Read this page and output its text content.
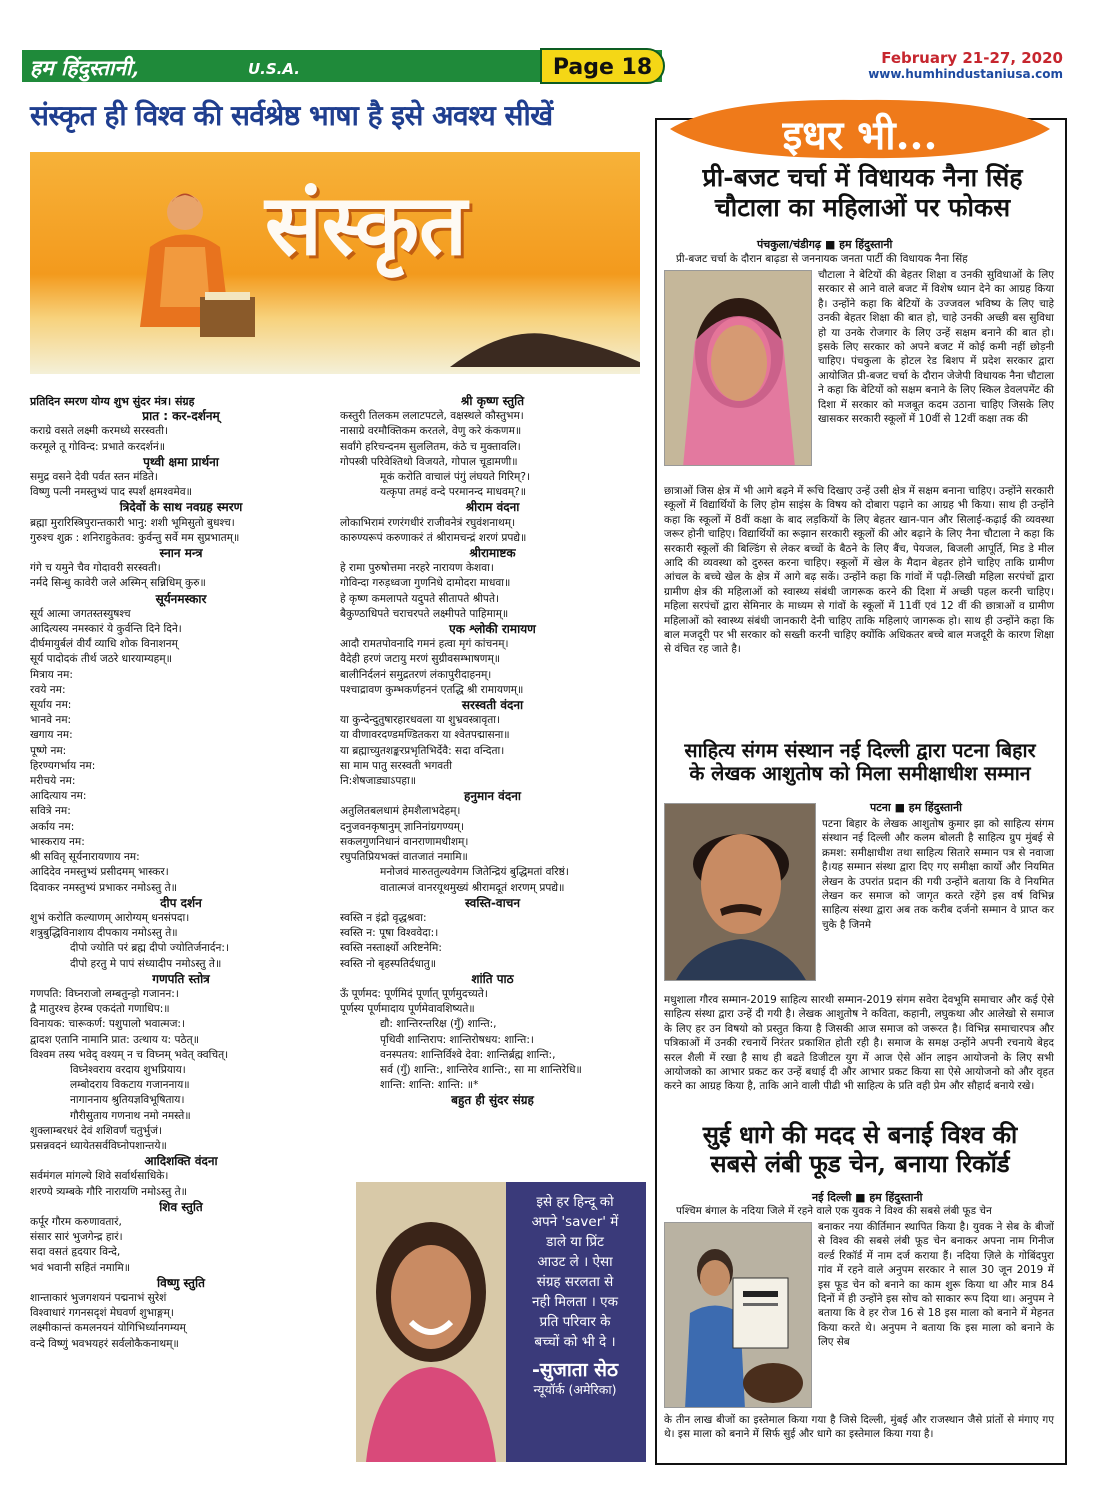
हम हिंदुस्तानी,	U.S.A.	Page 18	February 21-27, 2020
www.humhindustaniusa.com
संस्कृत ही विश्व की सर्वश्रेष्ठ भाषा है इसे अवश्य सीखें
संस्कृत
प्रतिदिन स्मरण योग्य शुभ सुंदर मंत्र। संग्रह
प्रात : कर-दर्शनम्
कराग्रे वसते लक्ष्मी करमध्ये सरस्वती।
करमूले तू गोविन्द: प्रभाते करदर्शनं॥
पृथ्वी क्षमा प्रार्थना
समुद्र वसने देवी पर्वत स्तन मंडिते।
विष्णु पत्नी नमस्तुभ्यं पाद स्पर्शं क्षमश्वमेव॥
त्रिदेवों के साथ नवग्रह स्मरण
ब्रह्मा मुरारिस्त्रिपुरान्तकारी भानु: शशी भूमिसुतो बुधश्च।
गुरुश्च शुक्र : शनिराहुकेतव: कुर्वन्तु सर्वे मम सुप्रभातम्॥
स्नान मन्त्र
गंगे च यमुने चैव गोदावरी सरस्वती।
नर्मदे सिन्धु कावेरी जले अस्मिन् सन्निधिम् कुरु॥
सूर्यनमस्कार
सूर्य आत्मा जगतस्तस्युषश्च
आदित्यस्य नमस्कारं ये कुर्वन्ति दिने दिने।
दीर्घमायुर्बलं वीर्यं व्याधि शोक विनाशनम्
सूर्य पादोदकं तीर्थ जठरे धारयाम्यहम्॥
मित्राय नम:
रवये नम:
सूर्याय नम:
भानवे नम:
खगाय नम:
पूष्णे नम:
हिरण्यगर्भाय नम:
मरीचये नम:
आदित्याय नम:
सवित्रे नम:
अर्काय नम:
भास्कराय नम:
श्री सवितृ सूर्यनारायणाय नम:
आदिदेव नमस्तुभ्यं प्रसीदमम् भास्कर।
दिवाकर नमस्तुभ्यं प्रभाकर नमोऽस्तु ते॥
दीप दर्शन
शुभं करोति कल्याणम् आरोग्यम् धनसंपदा।
शत्रुबुद्धिविनाशाय दीपकाय नमोऽस्तु ते॥
दीपो ज्योति परं ब्रह्म दीपो ज्योतिर्जनार्दन:।
दीपो हरतु मे पापं संध्यादीप नमोऽस्तु ते॥
गणपति स्तोत्र
गणपति: विघ्नराजो लम्बतुन्ड़ो गजानन:।
द्वै मातुरश्च हेरम्ब एकदंतो गणाधिप:॥
विनायक: चारूकर्ण: पशुपालो भवात्मज:।
द्वादश एतानि नामानि प्रात: उत्थाय य: पठेत्॥
विश्वम तस्य भवेद् वश्यम् न च विघ्नम् भवेत् क्वचित्।
विघ्नेश्वराय वरदाय शुभप्रियाय।
लम्बोदराय विकटाय गजाननाय॥
नागाननाय श्रुतियज्ञविभूषिताय।
गौरीसुताय गणनाथ नमो नमस्ते॥
शुक्लाम्बरधरं देवं शशिवर्णं चतुर्भुजं।
प्रसन्नवदनं ध्यायेतसर्वविघ्नोपशान्तये॥
आदिशक्ति वंदना
सर्वमंगल मांगल्ये शिवे सर्वार्थसाधिके।
शरण्ये त्र्यम्बके गौरि नारायणि नमोऽस्तु ते॥
शिव स्तुति
कर्पूर गौरम करुणावतारं,
संसार सारं भुजगेन्द्र हारं।
सदा वसतं हृदयार विन्दे,
भवं भवानी सहितं नमामि॥
विष्णु स्तुति
शान्ताकारं भुजगशयनं पद्मनाभं सुरेशं
विश्वाधारं गगनसदृशं मेघवर्ण शुभाङ्गम्।
लक्ष्मीकान्तं कमलनयनं योगिभिर्ध्यानगम्यम्
वन्दे विष्णुं भवभयहरं सर्वलोकैकनाथम्॥
श्री कृष्ण स्तुति
कस्तुरी तिलकम ललाटपटले, वक्षस्थले कौस्तुभम।
नासाग्रे वरमौक्तिकम करतले, वेणु करे कंकणम॥
सर्वांगे हरिचन्दनम सुललितम, कंठे च मुक्तावलि।
गोपस्त्री परिवेश्तिथो विजयते, गोपाल चूडामणी॥
मूकं करोति वाचालं पंगुं लंघयते गिरिम्?।
यत्कृपा तमहं वन्दे परमानन्द माधवम्?॥
श्रीराम वंदना
लोकाभिरामं रणरंगधीरं राजीवनेत्रं रघुवंशनाथम्।
कारुण्यरूपं करुणाकरं तं श्रीरामचन्द्रं शरणं प्रपद्ये॥
श्रीरामाष्टक
हे रामा पुरुषोत्तमा नरहरे नारायण केशवा।
गोविन्दा गरुड़ध्वजा गुणनिधे दामोदरा माधवा॥
हे कृष्ण कमलापते यदुपते सीतापते श्रीपते।
बैकुण्ठाधिपते चराचरपते लक्ष्मीपते पाहिमाम्॥
एक श्लोकी रामायण
आदौ रामतपोवनादि गमनं हत्वा मृगं कांचनम्।
वैदेही हरणं जटायु मरणं सुग्रीवसम्भाषणम्॥
बालीनिर्दलनं समुद्रतरणं लंकापुरीदाहनम्।
पश्चाद्रावण कुम्भकर्णहननं एतद्धि श्री रामायणम्॥
सरस्वती वंदना
या कुन्देन्दुतुषारहारधवला या शुभ्रवस्त्रावृता।
या वीणावरदण्डमण्डितकरा या श्वेतपद्मासना॥
या ब्रह्माच्युतशङ्करप्रभृतिभिर्देवै: सदा वन्दिता।
सा माम पातु सरस्वती भगवती
नि:शेषजाड्याऽपहा॥
हनुमान वंदना
अतुलितबलधामं हेमशैलाभदेहम्।
दनुजवनकृषानुम् ज्ञानिनांग्रगण्यम्।
सकलगुणनिधानं वानराणामधीशम्।
रघुपतिप्रियभक्तं वातजातं नमामि॥
मनोजवं मारुततुल्यवेगम जितेन्द्रियं बुद्धिमतां वरिष्ठं।
वातात्मजं वानरयूथमुख्यं श्रीरामदूतं शरणम् प्रपद्ये॥
स्वस्ति-वाचन
स्वस्ति न इंद्रो वृद्धश्रवा:
स्वस्ति न: पूषा विश्ववेदा:।
स्वस्ति नस्तार्क्ष्यो अरिष्टनेमि:
स्वस्ति नो बृहस्पतिर्दधातु॥
शांति पाठ
ऊँ पूर्णमद: पूर्णमिदं पूर्णात् पूर्णमुदच्यते।
पूर्णस्य पूर्णमादाय पूर्णमेवावशिष्यते॥
द्यौ: शान्तिरन्तरिक्ष (गुँ) शान्ति:,
पृथिवी शान्तिराप: शान्तिरोषधय: शान्ति:।
वनस्पतय: शान्तिर्विश्वे देवा: शान्तिर्ब्रह्म शान्ति:,
सर्व (गुँ) शान्ति:, शान्तिरेव शान्ति:, सा मा शान्तिरेधि॥
शान्ति: शान्ति: शान्ति: ॥*
बहुत ही सुंदर संग्रह
इसे हर हिन्दू को
अपने 'saver' में
डाले या प्रिंट
आउट ले । ऐसा
संग्रह सरलता से
नही मिलता । एक
प्रति परिवार के
बच्चों को भी दे ।
-सुजाता सेठ
न्यूयॉर्क (अमेरिका)
इधर भी...
प्री-बजट चर्चा में विधायक नैना सिंह
चौटाला का महिलाओं पर फोकस
पंचकुला/चंडीगढ़ ■ हम हिंदुस्तानी
प्री-बजट चर्चा के दौरान बाढ़डा से जननायक जनता पार्टी की विधायक नैना सिंह
चौटाला ने बेटियों की बेहतर शिक्षा व उनकी सुविधाओं के लिए सरकार से आने वाले बजट में विशेष ध्यान देने का आग्रह किया है। उन्होंने कहा कि बेटियों के उज्जवल भविष्य के लिए चाहे उनकी बेहतर शिक्षा की बात हो, चाहे उनकी अच्छी बस सुविधा हो या उनके रोजगार के लिए उन्हें सक्षम बनाने की बात हो। इसके लिए सरकार को अपने बजट में कोई कमी नहीं छोड़नी चाहिए। पंचकुला के होटल रेड बिशप में प्रदेश सरकार द्वारा आयोजित प्री-बजट चर्चा के दौरान जेजेपी विधायक नैना चौटाला ने कहा कि बेटियों को सक्षम बनाने के लिए स्किल डेवलपमेंट की दिशा में सरकार को मजबूत कदम उठाना चाहिए जिसके लिए खासकर सरकारी स्कूलों में 10वीं से 12वीं कक्षा तक की
छात्राओं जिस क्षेत्र में भी आगे बढ़ने में रूचि दिखाए उन्हें उसी क्षेत्र में सक्षम बनाना चाहिए। उन्होंने सरकारी स्कूलों में विद्यार्थियों के लिए होम साइंस के विषय को दोबारा पढ़ाने का आग्रह भी किया। साथ ही उन्होंने कहा कि स्कूलों में 8वीं कक्षा के बाद लड़कियों के लिए बेहतर खान-पान और सिलाई-कढ़ाई की व्यवस्था जरूर होनी चाहिए। विद्यार्थियों का रूझान सरकारी स्कूलों की ओर बढ़ाने के लिए नैना चौटाला ने कहा कि सरकारी स्कूलों की बिल्डिंग से लेकर बच्चों के बैठने के लिए बैंच, पेयजल, बिजली आपूर्ति, मिड डे मील आदि की व्यवस्था को दुरुस्त करना चाहिए। स्कूलों में खेल के मैदान बेहतर होने चाहिए ताकि ग्रामीण आंचल के बच्चे खेल के क्षेत्र में आगे बढ़ सकें। उन्होंने कहा कि गांवों में पढ़ी-लिखी महिला सरपंचों द्वारा ग्रामीण क्षेत्र की महिलाओं को स्वास्थ्य संबंधी जागरूक करने की दिशा में अच्छी पहल करनी चाहिए। महिला सरपंचों द्वारा सेमिनार के माध्यम से गांवों के स्कूलों में 11वीं एवं 12 वीं की छात्राओं व ग्रामीण महिलाओं को स्वास्थ्य संबंधी जानकारी देनी चाहिए ताकि महिलाएं जागरूक हो। साथ ही उन्होंने कहा कि बाल मजदूरी पर भी सरकार को सख्ती करनी चाहिए क्योंकि अधिकतर बच्चे बाल मजदूरी के कारण शिक्षा से वंचित रह जाते है।
साहित्य संगम संस्थान नई दिल्ली द्वारा पटना बिहार
के लेखक आशुतोष को मिला समीक्षाधीश सम्मान
पटना ■ हम हिंदुस्तानी
पटना बिहार के लेखक आशुतोष कुमार झा को साहित्य संगम संस्थान नई दिल्ली और कलम बोलती है साहित्य ग्रुप मुंबई से क्रमश: समीक्षाधीश तथा साहित्य सितारे सम्मान पत्र से नवाजा है।यह सम्मान संस्था द्वारा दिए गए समीक्षा कार्यो और नियमित लेखन के उपरांत प्रदान की गयी उन्होंने बताया कि वे नियमित लेखन कर समाज को जागृत करते रहेंगे इस वर्ष विभिन्न साहित्य संस्था द्वारा अब तक करीब दर्जनो सम्मान वे प्राप्त कर चुके है जिनमे
मधुशाला गौरव सम्मान-2019 साहित्य सारथी सम्मान-2019 संगम सवेरा देवभूमि समाचार और कई ऐसे साहित्य संस्था द्वारा उन्हें दी गयी है। लेखक आशुतोष ने कविता, कहानी, लघुकथा और आलेखो से समाज के लिए हर उन विषयो को प्रस्तुत किया है जिसकी आज समाज को जरूरत है। विभिन्न समाचारपत्र और पत्रिकाओं में उनकी रचनायें निरंतर प्रकाशित होती रही है। समाज के समक्ष उन्होंने अपनी रचनाये बेहद सरल शैली में रखा है साथ ही बढते डिजीटल युग में आज ऐसे ऑन लाइन आयोजनो के लिए सभी आयोजको का आभार प्रकट कर उन्हें बधाई दी और आभार प्रकट किया सा ऐसे आयोजनो को और वृहत करने का आग्रह किया है, ताकि आने वाली पीढी भी साहित्य के प्रति वही प्रेम और सौहार्द बनाये रखे।
सुई धागे की मदद से बनाई विश्व की
सबसे लंबी फूड चेन, बनाया रिकॉर्ड
नई दिल्ली ■ हम हिंदुस्तानी
पश्चिम बंगाल के नदिया जिले में रहने वाले एक युवक ने विश्व की सबसे लंबी फूड चेन
बनाकर नया कीर्तिमान स्थापित किया है। युवक ने सेब के बीजों से विश्व की सबसे लंबी फूड चेन बनाकर अपना नाम गिनीज वर्ल्ड रिकॉर्ड में नाम दर्ज कराया हैं। नदिया ज़िले के गोबिंदपुरा गांव में रहने वाले अनुपम सरकार ने साल 30 जून 2019 में इस फूड चेन को बनाने का काम शुरू किया था और मात्र 84 दिनों में ही उन्होंने इस सोच को साकार रूप दिया था। अनुपम ने बताया कि वे हर रोज 16 से 18 इस माला को बनाने में मेहनत किया करते थे। अनुपम ने बताया कि इस माला को बनाने के लिए सेब
के तीन लाख बीजों का इस्तेमाल किया गया है जिसे दिल्ली, मुंबई और राजस्थान जैसे प्रांतों से मंगाए गए थे। इस माला को बनाने में सिर्फ सुई और धागे का इस्तेमाल किया गया है।
